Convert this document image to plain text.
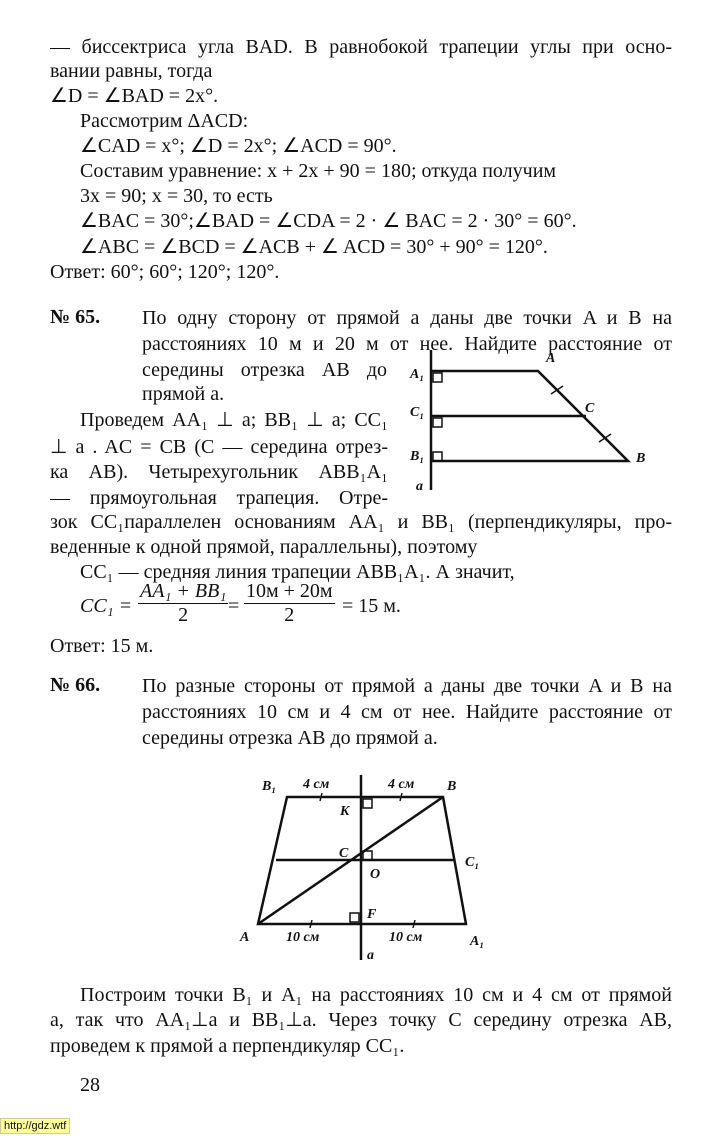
— биссектриса угла BAD. В равнобокой трапеции углы при осно-
вании равны, тогда
∠D = ∠BAD = 2x°.
Рассмотрим ΔACD:
∠CAD = x°; ∠D = 2x°; ∠ACD = 90°.
Составим уравнение: x + 2x + 90 = 180; откуда получим
3x = 90; x = 30, то есть
∠BAC = 30°;∠BAD = ∠CDA = 2 · ∠ BAC = 2 · 30° = 60°.
∠ABC = ∠BCD = ∠ACB + ∠ ACD = 30° + 90° = 120°.
Ответ: 60°; 60°; 120°; 120°.
№ 65. По одну сторону от прямой a даны две точки A и B на
расстояниях 10 м и 20 м от нее. Найдите расстояние от
середины отрезка AB до
прямой a.
Проведем AA₁ ⊥ a; BB₁ ⊥ a; CC₁
⊥ a . AC = CB (C — середина отрез-
ка AB). Четырехугольник ABB₁A₁
— прямоугольная трапеция. Отре-
зок CC₁параллелен основаниям AA₁ и BB₁ (перпендикуляры, про-
веденные к одной прямой, параллельны), поэтому
CC₁ — средняя линия трапеции ABB₁A₁. А значит,
$CC_1 = \frac{\text{AA₁ + BB₁}}{2}$ =
10м + 20м
2	= 15 м.
Ответ: 15 м.
A
A₁
C
C₁
B
B₁
a
B₁ 4 см	4 см B
K
C
O
C₁
F
A	10 см	10 см	A₁
a
№ 66. По разные стороны от прямой a даны две точки A и B на
расстояниях 10 см и 4 см от нее. Найдите расстояние от
середины отрезка AB до прямой a.
Построим точки B₁ и A₁ на расстояниях 10 см и 4 см от прямой
a, так что AA₁⊥a и BB₁⊥a. Через точку C середину отрезка AB,
проведем к прямой a перпендикуляр CC₁.
28
http://gdz.wtf
